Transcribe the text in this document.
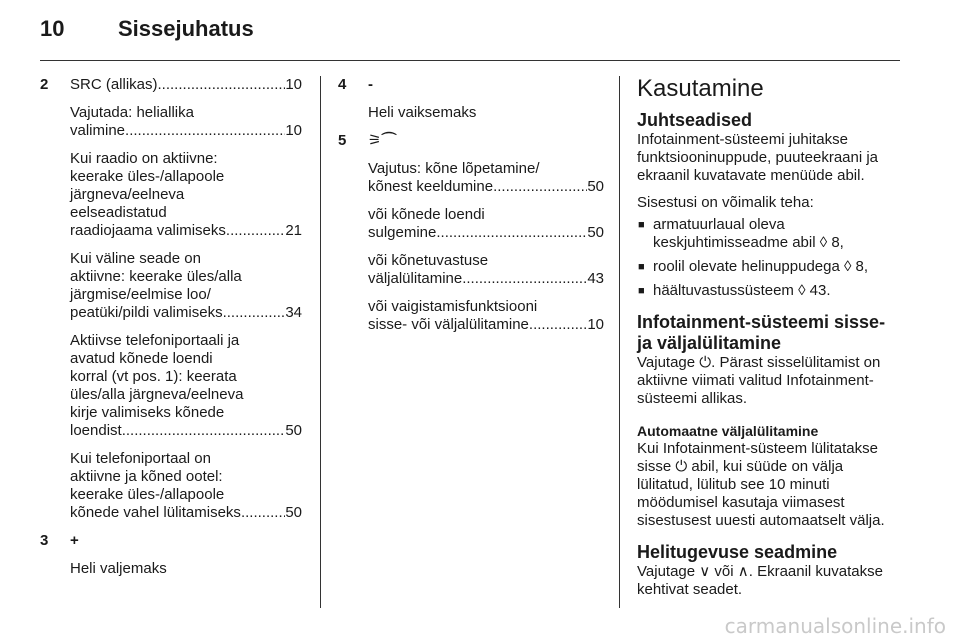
10 Sissejuhatus
2 SRC (allikas) .....	10
Vajutada: heliallika
valimine .....	10
Kui raadio on aktiivne:
keerake üles-/allapoole
järgneva/eelneva
eelseadistatud
raadiojaama valimiseks .....	21
Kui väline seade on
aktiivne: keerake üles/alla
järgmise/eelmise loo/
peatüki/pildi valimiseks .....	34
Aktiivse telefoniportaali ja
avatud kõnede loendi
korral (vt pos. 1): keerata
üles/alla järgneva/eelneva
kirje valimiseks kõnede
loendist .....	50
Kui telefoniportaal on
aktiivne ja kõned ootel:
keerake üles-/allapoole
kõnede vahel lülitamiseks .....	50
3 +
Heli valjemaks
4 -
Heli vaiksemaks
5 ⚞⌒
Vajutus: kõne lõpetamine/
kõnest keeldumine .....	50
või kõnede loendi
sulgemine .....	50
või kõnetuvastuse
väljalülitamine .....	43
või vaigistamisfunktsiooni
sisse- või väljalülitamine .....	10
Kasutamine
Juhtseadised
Infotainment-süsteemi juhitakse funktsiooninuppude, puuteekraani ja ekraanil kuvatavate menüüde abil.
Sisestusi on võimalik teha:
■ armatuurlaual oleva keskjuhtimisseadme abil ◊ 8,
■ roolil olevate helinuppudega ◊ 8,
■ häältuvastussüsteem ◊ 43.
Infotainment-süsteemi sisse- ja väljalülitamine
Vajutage ⏻. Pärast sisselülitamist on aktiivne viimati valitud Infotainment-süsteemi allikas.
Automaatne väljalülitamine
Kui Infotainment-süsteem lülitatakse sisse ⏻ abil, kui süüde on välja lülitatud, lülitub see 10 minuti möödumisel kasutaja viimasest sisestusest uuesti automaatselt välja.
Helitugevuse seadmine
Vajutage ∨ või ∧. Ekraanil kuvatakse kehtivat seadet.
carmanualsonline.info
